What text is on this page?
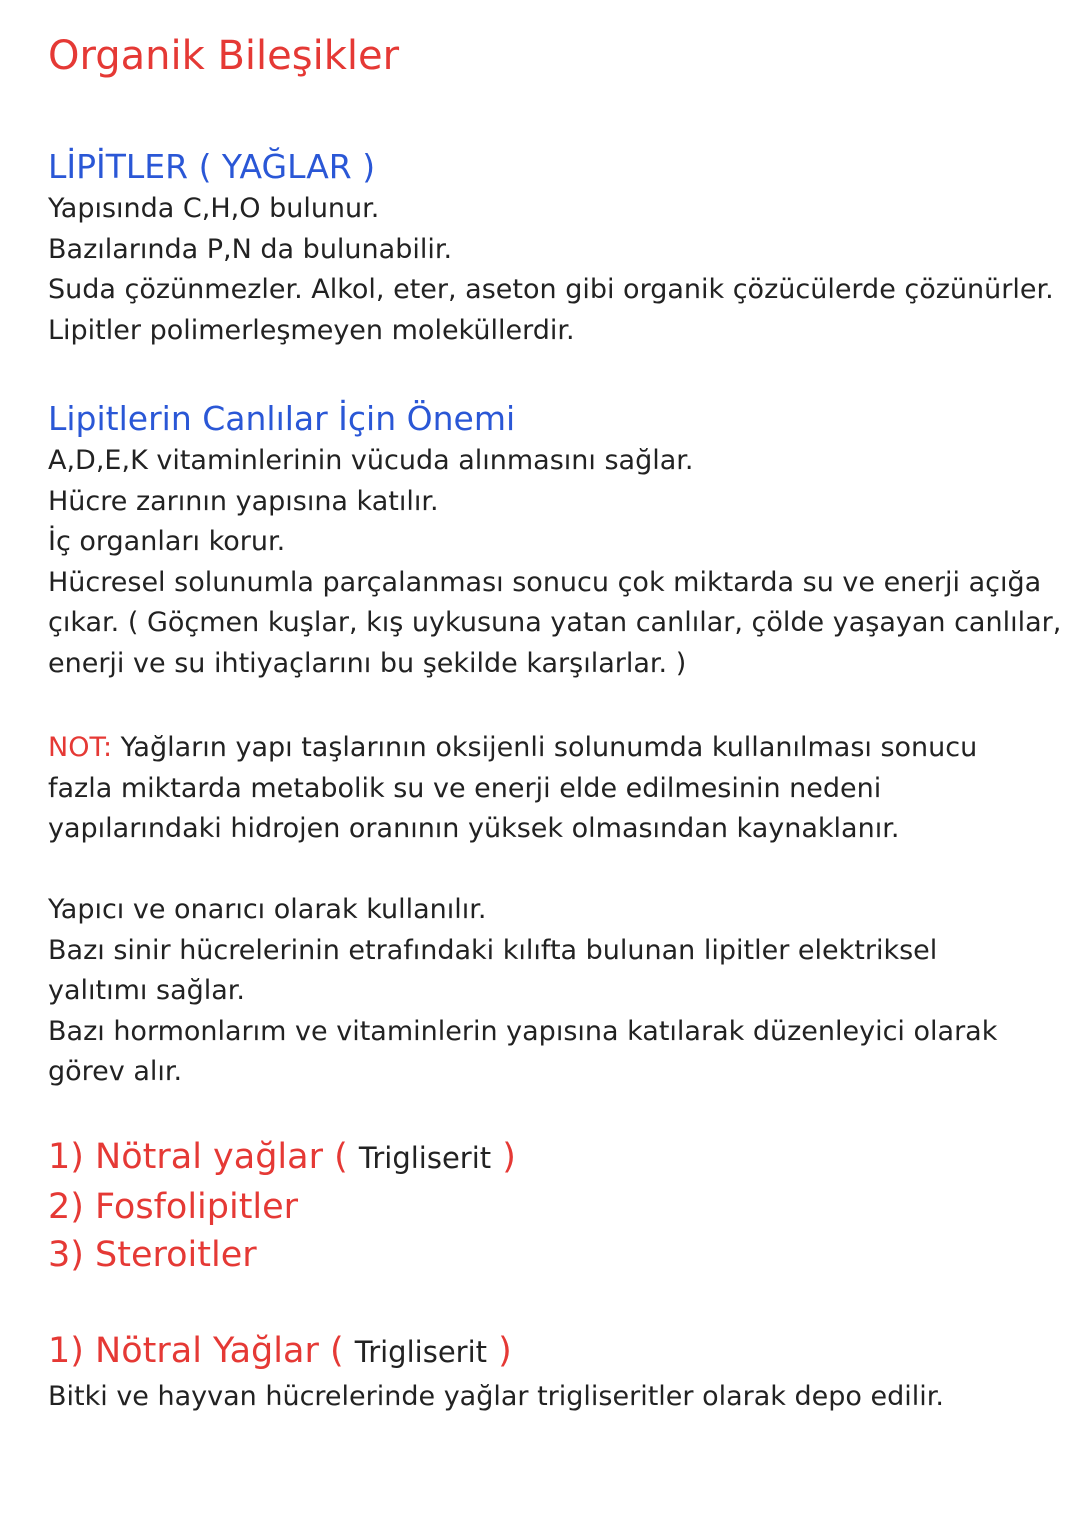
Organik Bileşikler
LİPİTLER ( YAĞLAR )
Yapısında C,H,O bulunur.
Bazılarında P,N da bulunabilir.
Suda çözünmezler. Alkol, eter, aseton gibi organik çözücülerde çözünürler.
Lipitler polimerleşmeyen moleküllerdir.
Lipitlerin Canlılar İçin Önemi
A,D,E,K vitaminlerinin vücuda alınmasını sağlar.
Hücre zarının yapısına katılır.
İç organları korur.
Hücresel solunumla parçalanması sonucu çok miktarda su ve enerji açığa
çıkar. ( Göçmen kuşlar, kış uykusuna yatan canlılar, çölde yaşayan canlılar,
enerji ve su ihtiyaçlarını bu şekilde karşılarlar. )
NOT: Yağların yapı taşlarının oksijenli solunumda kullanılması sonucu
fazla miktarda metabolik su ve enerji elde edilmesinin nedeni
yapılarındaki hidrojen oranının yüksek olmasından kaynaklanır.
Yapıcı ve onarıcı olarak kullanılır.
Bazı sinir hücrelerinin etrafındaki kılıfta bulunan lipitler elektriksel
yalıtımı sağlar.
Bazı hormonlarım ve vitaminlerin yapısına katılarak düzenleyici olarak
görev alır.
1) Nötral yağlar ( Trigliserit )
2) Fosfolipitler
3) Steroitler
1) Nötral Yağlar ( Trigliserit )
Bitki ve hayvan hücrelerinde yağlar trigliseritler olarak depo edilir.
